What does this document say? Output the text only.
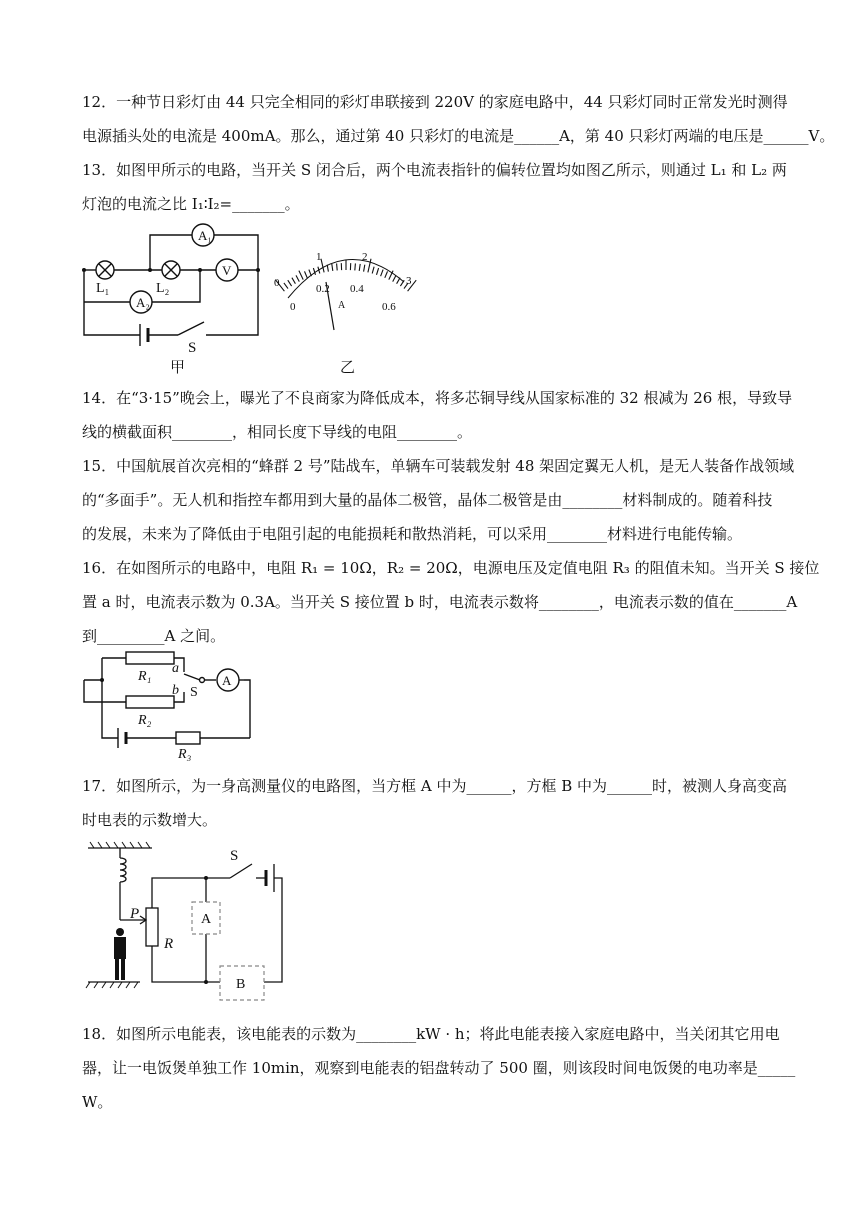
12．一种节日彩灯由 44 只完全相同的彩灯串联接到 220V 的家庭电路中，44 只彩灯同时正常发光时测得
电源插头处的电流是 400mA。那么，通过第 40 只彩灯的电流是______A，第 40 只彩灯两端的电压是______V。
13．如图甲所示的电路，当开关 S 闭合后，两个电流表指针的偏转位置均如图乙所示，则通过 L₁ 和 L₂ 两
灯泡的电流之比 I₁∶I₂=_______。
A₁
V
A₂
L₁	L₂
S
甲
0
1	2
3
0
0.2 0.4
0.6
A
乙
14．在“3·15”晚会上，曝光了不良商家为降低成本，将多芯铜导线从国家标准的 32 根减为 26 根，导致导
线的横截面积________，相同长度下导线的电阻________。
15．中国航展首次亮相的“蜂群 2 号”陆战车，单辆车可装载发射 48 架固定翼无人机，是无人装备作战领域
的“多面手”。无人机和指控车都用到大量的晶体二极管，晶体二极管是由________材料制成的。随着科技
的发展，未来为了降低由于电阻引起的电能损耗和散热消耗，可以采用________材料进行电能传输。
16．在如图所示的电路中，电阻 R₁ = 10Ω，R₂ = 20Ω，电源电压及定值电阻 R₃ 的阻值未知。当开关 S 接位
置 a 时，电流表示数为 0.3A。当开关 S 接位置 b 时，电流表示数将________，电流表示数的值在_______A
到_________A 之间。
A
R₁
R₂
R₃
a
b S
17．如图所示，为一身高测量仪的电路图，当方框 A 中为______，方框 B 中为______时，被测人身高变高
时电表的示数增大。
A
B
S
P
R
18．如图所示电能表，该电能表的示数为________kW · h；将此电能表接入家庭电路中，当关闭其它用电
器，让一电饭煲单独工作 10min，观察到电能表的铝盘转动了 500 圈，则该段时间电饭煲的电功率是_____
W。
